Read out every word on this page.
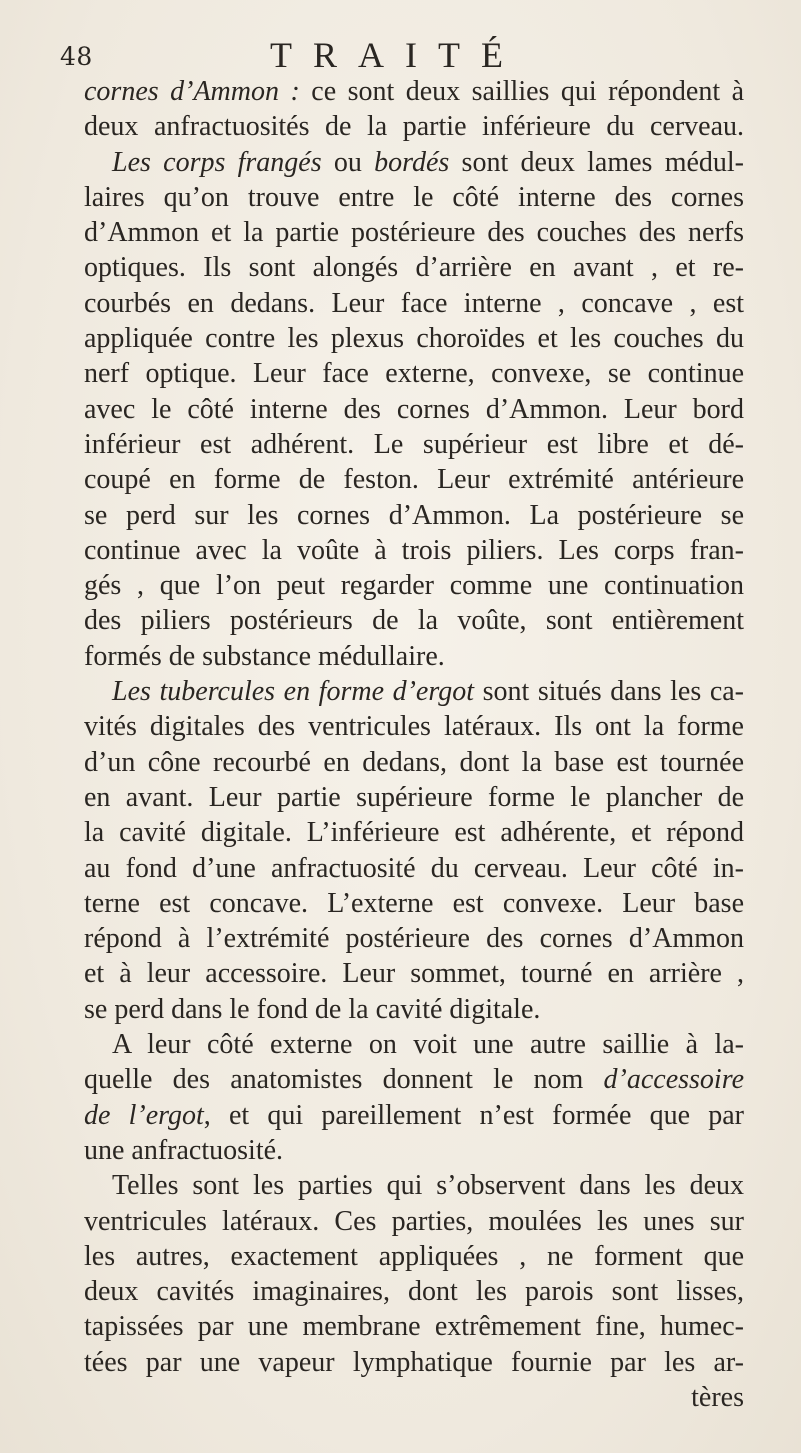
48	TRAITÉ
cornes d’Ammon : ce sont deux saillies qui répondent à
deux anfractuosités de la partie inférieure du cerveau.
Les corps frangés ou bordés sont deux lames médul-
laires qu’on trouve entre le côté interne des cornes
d’Ammon et la partie postérieure des couches des nerfs
optiques. Ils sont alongés d’arrière en avant , et re-
courbés en dedans. Leur face interne , concave , est
appliquée contre les plexus choroïdes et les couches du
nerf optique. Leur face externe, convexe, se continue
avec le côté interne des cornes d’Ammon. Leur bord
inférieur est adhérent. Le supérieur est libre et dé-
coupé en forme de feston. Leur extrémité antérieure
se perd sur les cornes d’Ammon. La postérieure se
continue avec la voûte à trois piliers. Les corps fran-
gés , que l’on peut regarder comme une continuation
des piliers postérieurs de la voûte, sont entièrement
formés de substance médullaire.
Les tubercules en forme d’ergot sont situés dans les ca-
vités digitales des ventricules latéraux. Ils ont la forme
d’un cône recourbé en dedans, dont la base est tournée
en avant. Leur partie supérieure forme le plancher de
la cavité digitale. L’inférieure est adhérente, et répond
au fond d’une anfractuosité du cerveau. Leur côté in-
terne est concave. L’externe est convexe. Leur base
répond à l’extrémité postérieure des cornes d’Ammon
et à leur accessoire. Leur sommet, tourné en arrière ,
se perd dans le fond de la cavité digitale.
A leur côté externe on voit une autre saillie à la-
quelle des anatomistes donnent le nom d’accessoire
de l’ergot, et qui pareillement n’est formée que par
une anfractuosité.
Telles sont les parties qui s’observent dans les deux
ventricules latéraux. Ces parties, moulées les unes sur
les autres, exactement appliquées , ne forment que
deux cavités imaginaires, dont les parois sont lisses,
tapissées par une membrane extrêmement fine, humec-
tées par une vapeur lymphatique fournie par les ar-
tères
